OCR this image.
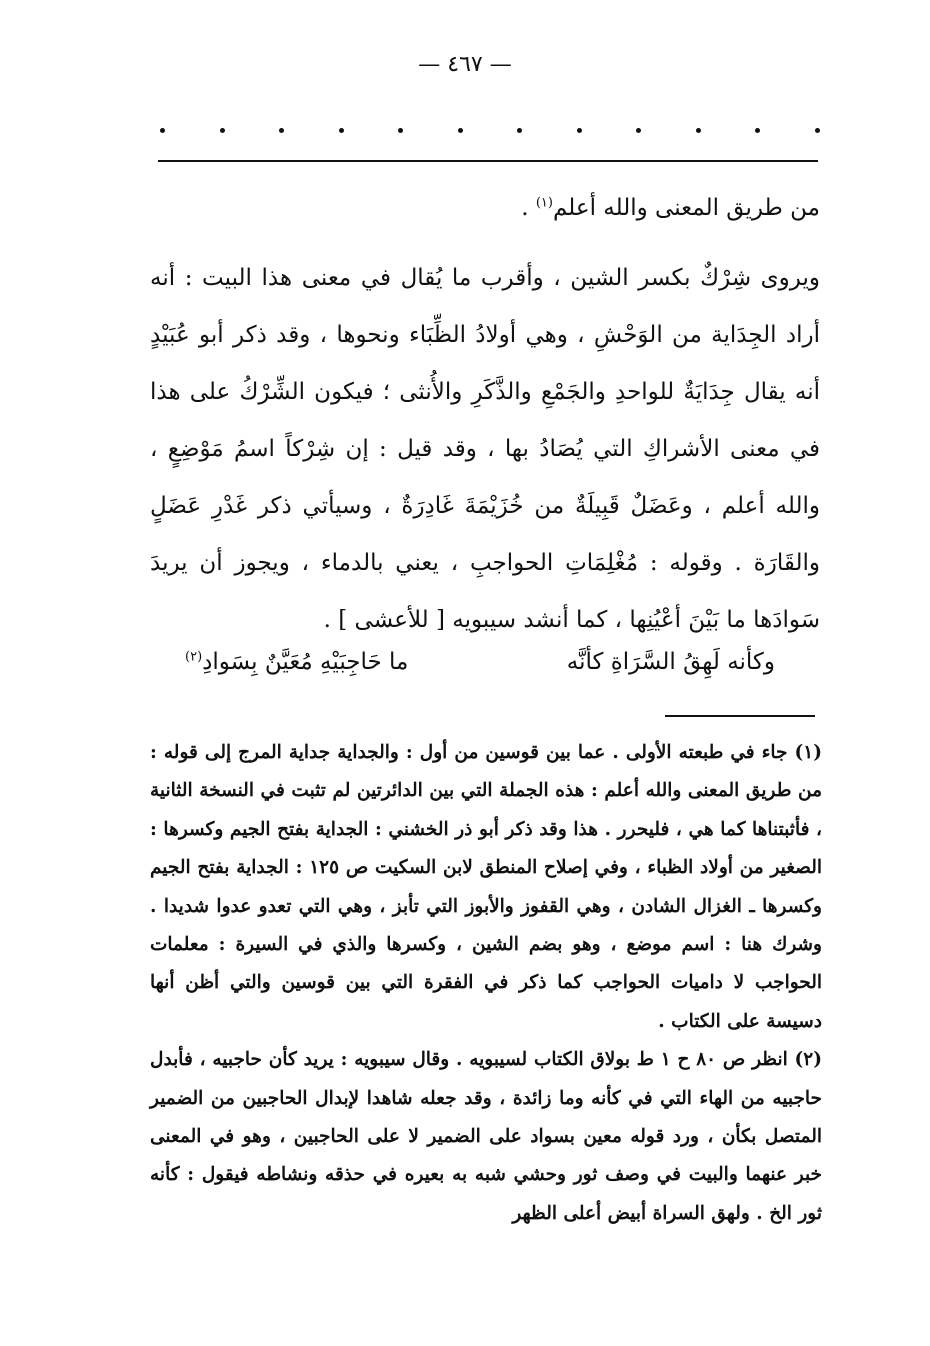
— ٤٦٧ —

من طريق المعنى والله أعلم$^{(١)}$ .

ويروى شِرْكٌ بكسر الشين ، وأقرب ما يُقال في معنى هذا البيت : أنه أراد الجِدَاية من الوَحْشِ ، وهي أولادُ الظِّبَاء ونحوها ، وقد ذكر أبو عُبَيْدٍ أنه يقال جِدَايَةٌ للواحدِ والجَمْعِ والذَّكَرِ والأُنثى ؛ فيكون الشِّرْكُ على هذا في معنى الأشراكِ التي يُصَادُ بها ، وقد قيل : إن شِرْكاً اسمُ مَوْضِعٍ ، والله أعلم ، وعَضَلٌ قَبِيلَةٌ من خُزَيْمَةَ غَادِرَةٌ ، وسيأتي ذكر غَدْرِ عَضَلٍ والقَارَة . وقوله : مُغْلِمَاتِ الحواجبِ ، يعني بالدماء ، ويجوز أن يريدَ سَوادَها ما بَيْنَ أعْيُنِها ، كما أنشد سيبويه [ للأعشى ] .

وكأنه لَهِقُ السَّرَاةِ كأنَّه
ما حَاجِبَيْهِ مُعَيَّنٌ بِسَوادِ$^{(٢)}$

(١) جاء في طبعته الأولى . عما بين قوسين من أول : والجداية جداية المرج إلى قوله : من طريق المعنى والله أعلم : هذه الجملة التي بين الدائرتين لم تثبت في النسخة الثانية ، فأثبتناها كما هي ، فليحرر . هذا وقد ذكر أبو ذر الخشني : الجداية بفتح الجيم وكسرها : الصغير من أولاد الظباء ، وفي إصلاح المنطق لابن السكيت ص ١٢٥ : الجداية بفتح الجيم وكسرها ـ الغزال الشادن ، وهي القفوز والأبوز التي تأبز ، وهي التي تعدو عدوا شديدا . وشرك هنا : اسم موضع ، وهو بضم الشين ، وكسرها والذي في السيرة : معلمات الحواجب لا داميات الحواجب كما ذكر في الفقرة التي بين قوسين والتي أظن أنها دسيسة على الكتاب .

(٢) انظر ص ٨٠ ح ١ ط بولاق الكتاب لسيبويه . وقال سيبويه : يريد كأن حاجبيه ، فأبدل حاجبيه من الهاء التي في كأنه وما زائدة ، وقد جعله شاهدا لإبدال الحاجبين من الضمير المتصل بكأن ، ورد قوله معين بسواد على الضمير لا على الحاجبين ، وهو في المعنى خبر عنهما والبيت في وصف ثور وحشي شبه به بعيره في حذقه ونشاطه فيقول : كأنه ثور الخ . ولهق السراة أبيض أعلى الظهر
